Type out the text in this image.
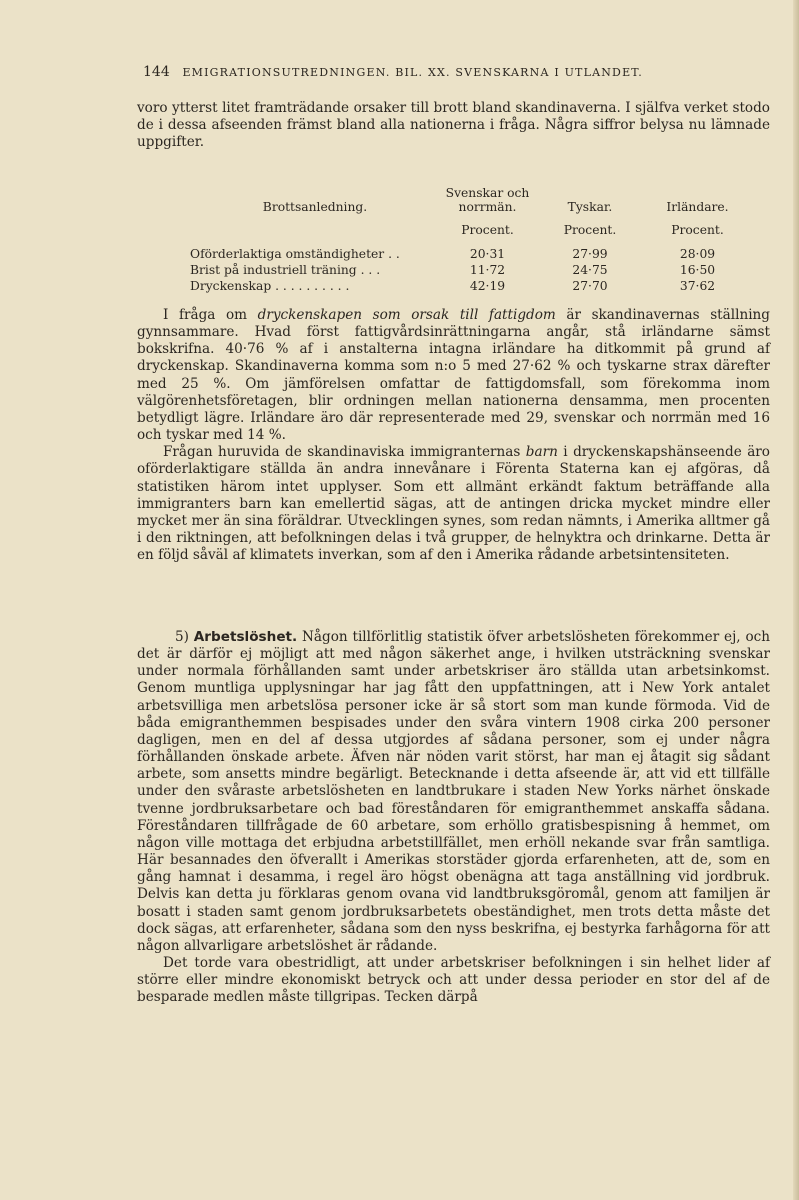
144 EMIGRATIONSUTREDNINGEN. BIL. XX. SVENSKARNA I UTLANDET.

voro ytterst litet framträdande orsaker till brott bland skandinaverna. I själfva verket stodo de i dessa afseenden främst bland alla nationerna i fråga. Några siffror belysa nu lämnade uppgifter.

Brottsanledning.	Svenskar och norrmän.	Tyskar.	Irländare.
	Procent.	Procent.	Procent.
Oförderlaktiga omständigheter . .	20·31	27·99	28·09
Brist på industriell träning . . .	11·72	24·75	16·50
Dryckenskap . . . . . . . . . .	42·19	27·70	37·62

I fråga om dryckenskapen som orsak till fattigdom är skandinavernas ställning gynnsammare. Hvad först fattigvårdsinrättningarna angår, stå irländarne sämst bokskrifna. 40·76 % af i anstalterna intagna irländare ha ditkommit på grund af dryckenskap. Skandinaverna komma som n:o 5 med 27·62 % och tyskarne strax därefter med 25 %. Om jämförelsen omfattar de fattigdomsfall, som förekomma inom välgörenhetsföretagen, blir ordningen mellan nationerna densamma, men procenten betydligt lägre. Irländare äro där representerade med 29, svenskar och norrmän med 16 och tyskar med 14 %.

Frågan huruvida de skandinaviska immigranternas barn i dryckenskapshänseende äro oförderlaktigare ställda än andra innevånare i Förenta Staterna kan ej afgöras, då statistiken härom intet upplyser. Som ett allmänt erkändt faktum beträffande alla immigranters barn kan emellertid sägas, att de antingen dricka mycket mindre eller mycket mer än sina föräldrar. Utvecklingen synes, som redan nämnts, i Amerika alltmer gå i den riktningen, att befolkningen delas i två grupper, de helnyktra och drinkarne. Detta är en följd såväl af klimatets inverkan, som af den i Amerika rådande arbetsintensiteten.

5) Arbetslöshet. Någon tillförlitlig statistik öfver arbetslösheten förekommer ej, och det är därför ej möjligt att med någon säkerhet ange, i hvilken utsträckning svenskar under normala förhållanden samt under arbetskriser äro ställda utan arbetsinkomst. Genom muntliga upplysningar har jag fått den uppfattningen, att i New York antalet arbetsvilliga men arbetslösa personer icke är så stort som man kunde förmoda. Vid de båda emigranthemmen bespisades under den svåra vintern 1908 cirka 200 personer dagligen, men en del af dessa utgjordes af sådana personer, som ej under några förhållanden önskade arbete. Äfven när nöden varit störst, har man ej åtagit sig sådant arbete, som ansetts mindre begärligt. Betecknande i detta afseende är, att vid ett tillfälle under den svåraste arbetslösheten en landtbrukare i staden New Yorks närhet önskade tvenne jordbruksarbetare och bad föreståndaren för emigranthemmet anskaffa sådana. Föreståndaren tillfrågade de 60 arbetare, som erhöllo gratisbespisning å hemmet, om någon ville mottaga det erbjudna arbetstillfället, men erhöll nekande svar från samtliga. Här besannades den öfverallt i Amerikas storstäder gjorda erfarenheten, att de, som en gång hamnat i desamma, i regel äro högst obenägna att taga anställning vid jordbruk. Delvis kan detta ju förklaras genom ovana vid landtbruksgöromål, genom att familjen är bosatt i staden samt genom jordbruksarbetets obeständighet, men trots detta måste det dock sägas, att erfarenheter, sådana som den nyss beskrifna, ej bestyrka farhågorna för att någon allvarligare arbetslöshet är rådande.

Det torde vara obestridligt, att under arbetskriser befolkningen i sin helhet lider af större eller mindre ekonomiskt betryck och att under dessa perioder en stor del af de besparade medlen måste tillgripas. Tecken därpå
